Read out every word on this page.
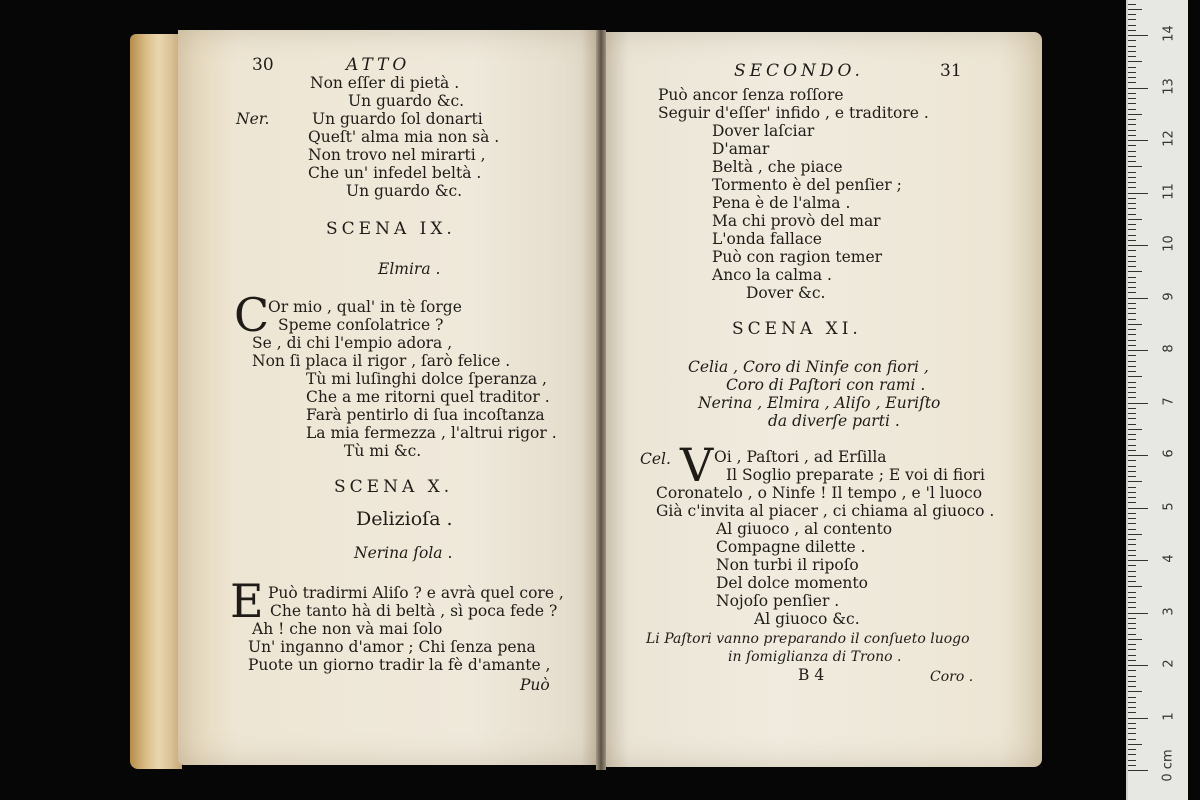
30	ATTO
Non eſſer di pietà .
Un guardo &c.
Ner.	Un guardo ſol donarti
Queſt' alma mia non sà .
Non trovo nel mirarti ,
Che un' infedel beltà .
Un guardo &c.
SCENA IX.
Elmira .
C
Or mio , qual' in tè ſorge
Speme conſolatrice ?
Se , di chi l'empio adora ,
Non ſi placa il rigor , ſarò felice .
Tù mi luſinghi dolce ſperanza ,
Che a me ritorni quel traditor .
Farà pentirlo di ſua incoſtanza
La mia fermezza , l'altrui rigor .
Tù mi &c.
SCENA X.
Delizioſa .
Nerina ſola .
E Può tradirmi Aliſo ? e avrà quel core ,
Che tanto hà di beltà , sì poca fede ?
Ah ! che non và mai ſolo
Un' inganno d'amor ; Chi ſenza pena
Puote un giorno tradir la fè d'amante ,
Può
SECONDO.	31
Può ancor ſenza roſſore
Seguir d'eſſer' infido , e traditore .
Dover laſciar
D'amar
Beltà , che piace
Tormento è del penſier ;
Pena è de l'alma .
Ma chi provò del mar
L'onda fallace
Può con ragion temer
Anco la calma .
Dover &c.
SCENA XI.
Celia , Coro di Ninfe con fiori ,
Coro di Paſtori con rami .
Nerina , Elmira , Aliſo , Euriſto
da diverſe parti .
Cel. V Oi , Paſtori , ad Erſilla
Il Soglio preparate ; E voi di fiori
Coronatelo , o Ninfe ! Il tempo , e 'l luoco
Già c'invita al piacer , ci chiama al giuoco .
Al giuoco , al contento
Compagne dilette .
Non turbi il ripoſo
Del dolce momento
Nojoſo penſier .
Al giuoco &c.
Li Paſtori vanno preparando il conſueto luogo
in ſomiglianza di Trono .
B 4	Coro .
0 cm
1
2
3
4
5
6
7
8
9
10
11
12
13
14
